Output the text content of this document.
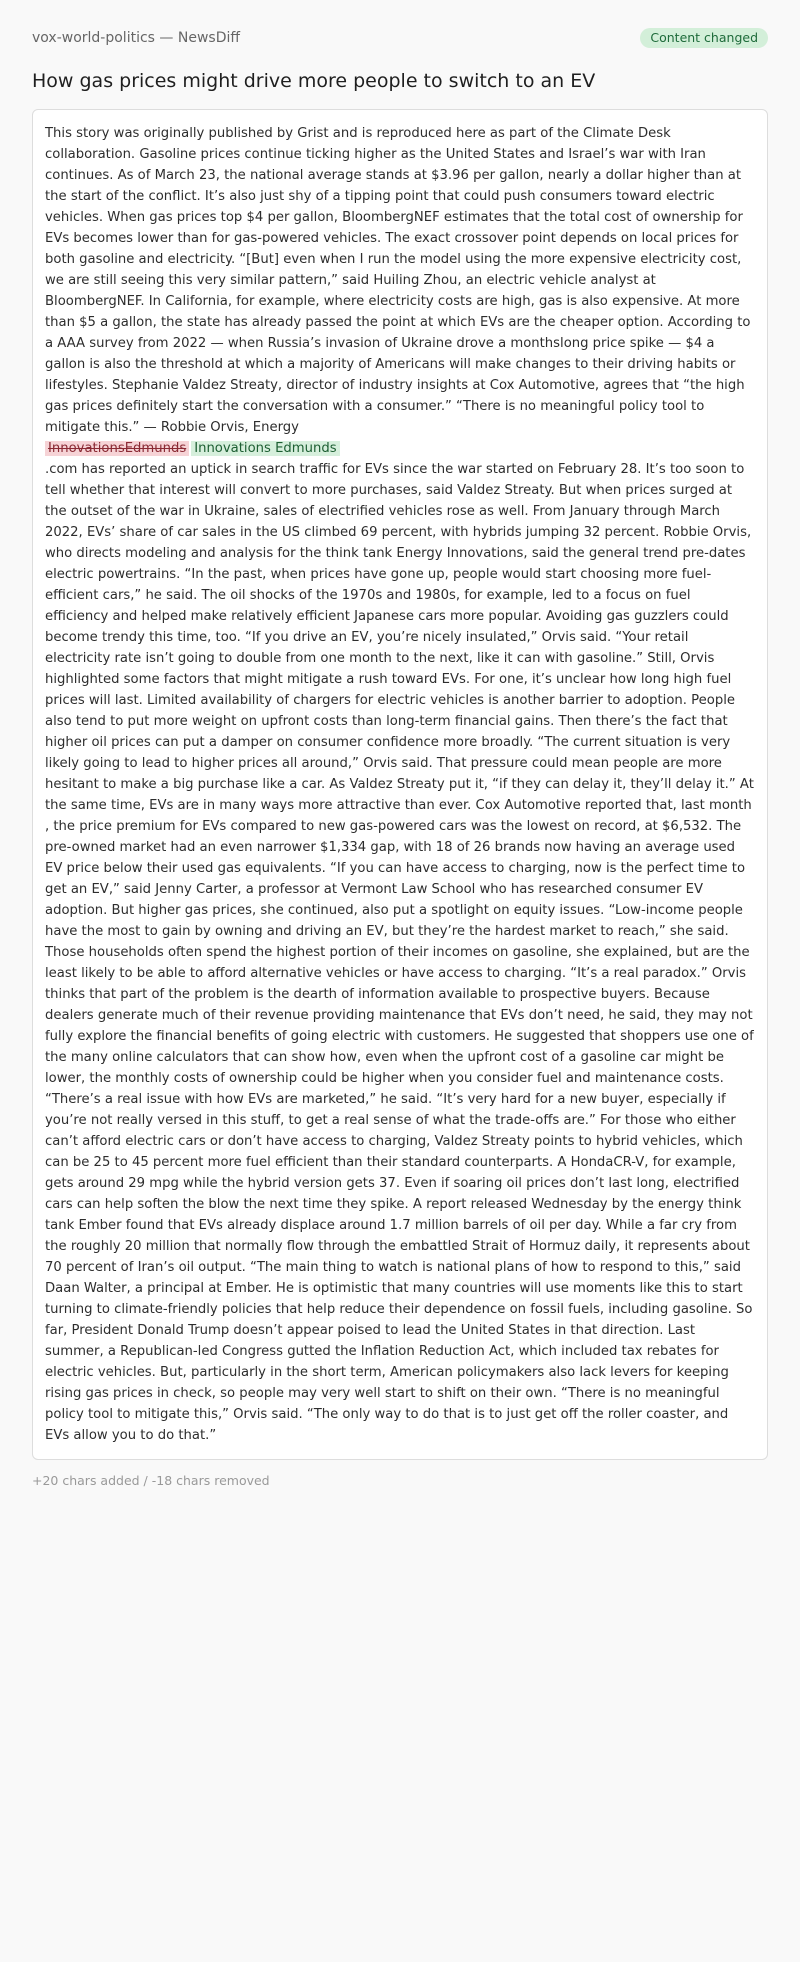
vox-world-politics — NewsDiff	Content changed
How gas prices might drive more people to switch to an EV

This story was originally published by Grist and is reproduced here as part of the Climate Desk collaboration. Gasoline prices continue ticking higher as the United States and Israel’s war with Iran continues. As of March 23, the national average stands at $3.96 per gallon, nearly a dollar higher than at the start of the conflict. It’s also just shy of a tipping point that could push consumers toward electric vehicles. When gas prices top $4 per gallon, BloombergNEF estimates that the total cost of ownership for EVs becomes lower than for gas-powered vehicles. The exact crossover point depends on local prices for both gasoline and electricity. “[But] even when I run the model using the more expensive electricity cost, we are still seeing this very similar pattern,” said Huiling Zhou, an electric vehicle analyst at BloombergNEF. In California, for example, where electricity costs are high, gas is also expensive. At more than $5 a gallon, the state has already passed the point at which EVs are the cheaper option. According to a AAA survey from 2022 — when Russia’s invasion of Ukraine drove a monthslong price spike — $4 a gallon is also the threshold at which a majority of Americans will make changes to their driving habits or lifestyles. Stephanie Valdez Streaty, director of industry insights at Cox Automotive, agrees that “the high gas prices definitely start the conversation with a consumer.” “There is no meaningful policy tool to mitigate this.” — Robbie Orvis, Energy

InnovationsEdmunds Innovations Edmunds

.com has reported an uptick in search traffic for EVs since the war started on February 28. It’s too soon to tell whether that interest will convert to more purchases, said Valdez Streaty. But when prices surged at the outset of the war in Ukraine, sales of electrified vehicles rose as well. From January through March 2022, EVs’ share of car sales in the US climbed 69 percent, with hybrids jumping 32 percent. Robbie Orvis, who directs modeling and analysis for the think tank Energy Innovations, said the general trend pre-dates electric powertrains. “In the past, when prices have gone up, people would start choosing more fuel-efficient cars,” he said. The oil shocks of the 1970s and 1980s, for example, led to a focus on fuel efficiency and helped make relatively efficient Japanese cars more popular. Avoiding gas guzzlers could become trendy this time, too. “If you drive an EV, you’re nicely insulated,” Orvis said. “Your retail electricity rate isn’t going to double from one month to the next, like it can with gasoline.” Still, Orvis highlighted some factors that might mitigate a rush toward EVs. For one, it’s unclear how long high fuel prices will last. Limited availability of chargers for electric vehicles is another barrier to adoption. People also tend to put more weight on upfront costs than long-term financial gains. Then there’s the fact that higher oil prices can put a damper on consumer confidence more broadly. “The current situation is very likely going to lead to higher prices all around,” Orvis said. That pressure could mean people are more hesitant to make a big purchase like a car. As Valdez Streaty put it, “if they can delay it, they’ll delay it.” At the same time, EVs are in many ways more attractive than ever. Cox Automotive reported that, last month , the price premium for EVs compared to new gas-powered cars was the lowest on record, at $6,532. The pre-owned market had an even narrower $1,334 gap, with 18 of 26 brands now having an average used EV price below their used gas equivalents. “If you can have access to charging, now is the perfect time to get an EV,” said Jenny Carter, a professor at Vermont Law School who has researched consumer EV adoption. But higher gas prices, she continued, also put a spotlight on equity issues. “Low-income people have the most to gain by owning and driving an EV, but they’re the hardest market to reach,” she said. Those households often spend the highest portion of their incomes on gasoline, she explained, but are the least likely to be able to afford alternative vehicles or have access to charging. “It’s a real paradox.” Orvis thinks that part of the problem is the dearth of information available to prospective buyers. Because dealers generate much of their revenue providing maintenance that EVs don’t need, he said, they may not fully explore the financial benefits of going electric with customers. He suggested that shoppers use one of the many online calculators that can show how, even when the upfront cost of a gasoline car might be lower, the monthly costs of ownership could be higher when you consider fuel and maintenance costs. “There’s a real issue with how EVs are marketed,” he said. “It’s very hard for a new buyer, especially if you’re not really versed in this stuff, to get a real sense of what the trade-offs are.” For those who either can’t afford electric cars or don’t have access to charging, Valdez Streaty points to hybrid vehicles, which can be 25 to 45 percent more fuel efficient than their standard counterparts. A HondaCR-V, for example, gets around 29 mpg while the hybrid version gets 37. Even if soaring oil prices don’t last long, electrified cars can help soften the blow the next time they spike. A report released Wednesday by the energy think tank Ember found that EVs already displace around 1.7 million barrels of oil per day. While a far cry from the roughly 20 million that normally flow through the embattled Strait of Hormuz daily, it represents about 70 percent of Iran’s oil output. “The main thing to watch is national plans of how to respond to this,” said Daan Walter, a principal at Ember. He is optimistic that many countries will use moments like this to start turning to climate-friendly policies that help reduce their dependence on fossil fuels, including gasoline. So far, President Donald Trump doesn’t appear poised to lead the United States in that direction. Last summer, a Republican-led Congress gutted the Inflation Reduction Act, which included tax rebates for electric vehicles. But, particularly in the short term, American policymakers also lack levers for keeping rising gas prices in check, so people may very well start to shift on their own. “There is no meaningful policy tool to mitigate this,” Orvis said. “The only way to do that is to just get off the roller coaster, and EVs allow you to do that.”

+20 chars added / -18 chars removed
